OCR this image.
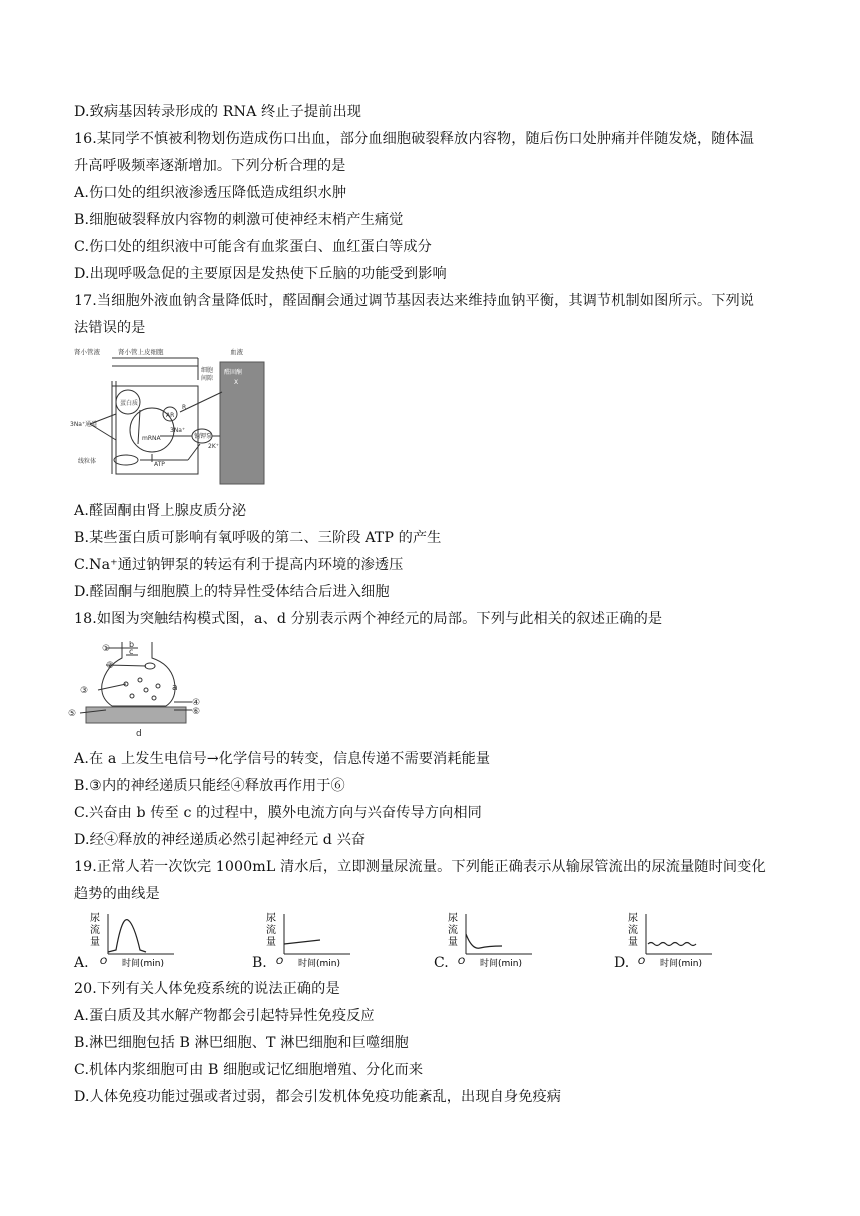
D.致病基因转录形成的 RNA 终止子提前出现
16.某同学不慎被利物划伤造成伤口出血，部分血细胞破裂释放内容物，随后伤口处肿痛并伴随发烧，随体温
升高呼吸频率逐渐增加。下列分析合理的是
A.伤口处的组织液渗透压降低造成组织水肿
B.细胞破裂释放内容物的刺激可使神经末梢产生痛觉
C.伤口处的组织液中可能含有血浆蛋白、血红蛋白等成分
D.出现呼吸急促的主要原因是发热使下丘脑的功能受到影响
17.当细胞外液血钠含量降低时，醛固酮会通过调节基因表达来维持血钠平衡，其调节机制如图所示。下列说
法错误的是
肾小管液	肾小管上皮细胞	血液
细胞
间隙
醛固酮
X
蛋白质
AR
R
mRNA
3Na⁺
钠钾泵
2K⁺
3Na⁺通道
线粒体	ATP
A.醛固酮由肾上腺皮质分泌
B.某些蛋白质可影响有氧呼吸的第二、三阶段 ATP 的产生
C.Na⁺通过钠钾泵的转运有利于提高内环境的渗透压
D.醛固酮与细胞膜上的特异性受体结合后进入细胞
18.如图为突触结构模式图，a、d 分别表示两个神经元的局部。下列与此相关的叙述正确的是
①
②
③
④
⑤	⑥
a
b
c
d
A.在 a 上发生电信号→化学信号的转变，信息传递不需要消耗能量
B.③内的神经递质只能经④释放再作用于⑥
C.兴奋由 b 传至 c 的过程中，膜外电流方向与兴奋传导方向相同
D.经④释放的神经递质必然引起神经元 d 兴奋
19.正常人若一次饮完 1000mL 清水后，立即测量尿流量。下列能正确表示从输尿管流出的尿流量随时间变化
趋势的曲线是
A.	B.	C.	D.
尿
流
量
O 时间(min)
尿
流
量
O 时间(min)
尿
流
量
O 时间(min)
尿
流
量
O 时间(min)
20.下列有关人体免疫系统的说法正确的是
A.蛋白质及其水解产物都会引起特异性免疫反应
B.淋巴细胞包括 B 淋巴细胞、T 淋巴细胞和巨噬细胞
C.机体内浆细胞可由 B 细胞或记忆细胞增殖、分化而来
D.人体免疫功能过强或者过弱，都会引发机体免疫功能紊乱，出现自身免疫病
